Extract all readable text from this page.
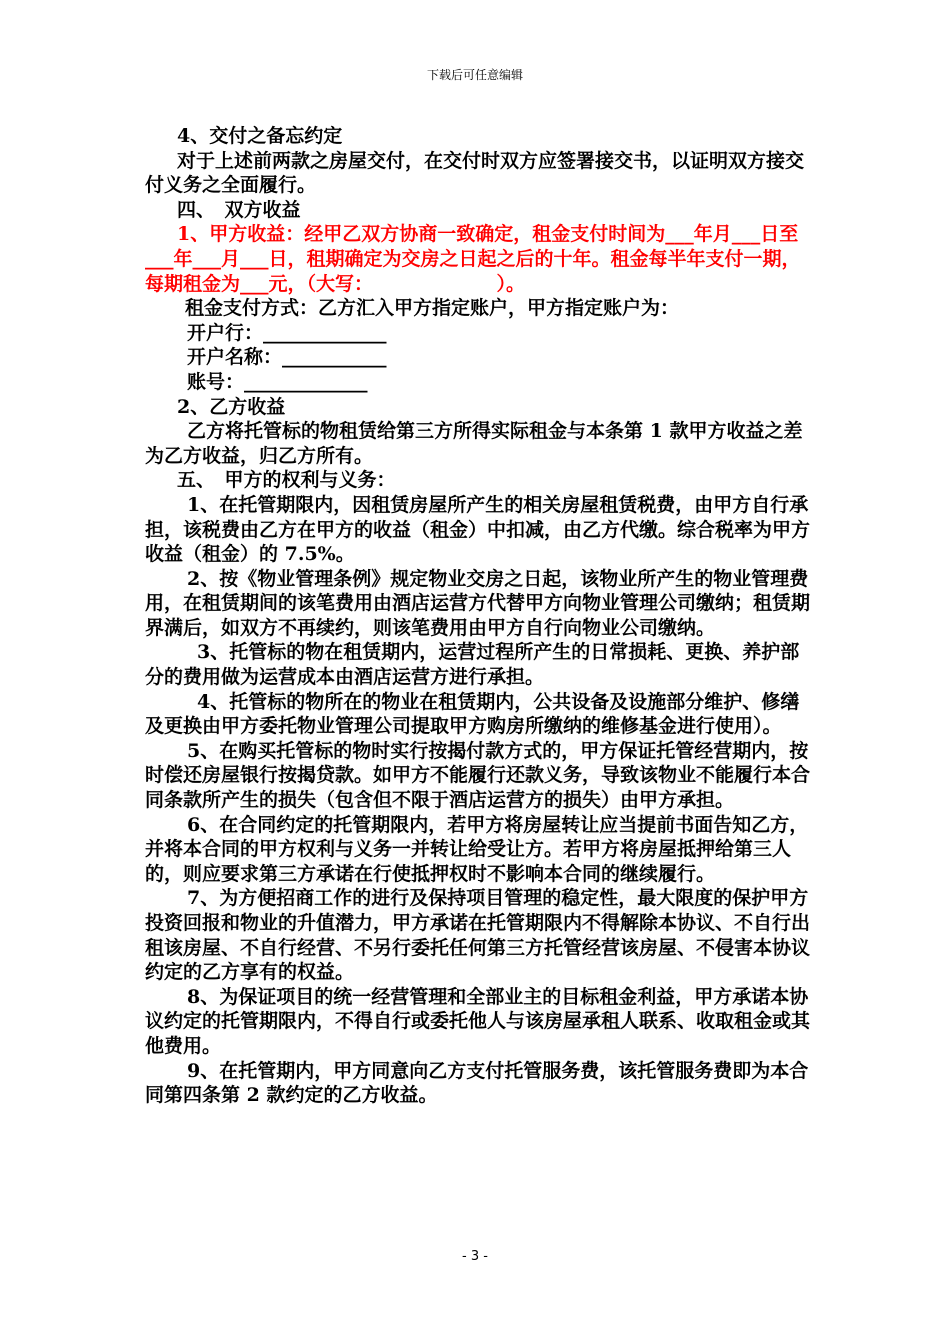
下载后可任意编辑

4、交付之备忘约定

对于上述前两款之房屋交付，在交付时双方应签署接交书，以证明双方接交付义务之全面履行。

四、　双方收益

1、甲方收益：经甲乙双方协商一致确定，租金支付时间为___年月___日至___年___月___日，租期确定为交房之日起之后的十年。租金每半年支付一期，每期租金为___元，（大写：　　　　　　　）。

租金支付方式：乙方汇入甲方指定账户，甲方指定账户为：

开户行：_____________

开户名称：___________

账号：_____________

2、乙方收益

乙方将托管标的物租赁给第三方所得实际租金与本条第 1 款甲方收益之差为乙方收益，归乙方所有。

五、　甲方的权利与义务：

1、在托管期限内，因租赁房屋所产生的相关房屋租赁税费，由甲方自行承担，该税费由乙方在甲方的收益（租金）中扣减，由乙方代缴。综合税率为甲方收益（租金）的 7.5%。

2、按《物业管理条例》规定物业交房之日起，该物业所产生的物业管理费用，在租赁期间的该笔费用由酒店运营方代替甲方向物业管理公司缴纳；租赁期界满后，如双方不再续约，则该笔费用由甲方自行向物业公司缴纳。

3、托管标的物在租赁期内，运营过程所产生的日常损耗、更换、养护部分的费用做为运营成本由酒店运营方进行承担。

4、托管标的物所在的物业在租赁期内，公共设备及设施部分维护、修缮及更换由甲方委托物业管理公司提取甲方购房所缴纳的维修基金进行使用）。

5、在购买托管标的物时实行按揭付款方式的，甲方保证托管经营期内，按时偿还房屋银行按揭贷款。如甲方不能履行还款义务，导致该物业不能履行本合同条款所产生的损失（包含但不限于酒店运营方的损失）由甲方承担。

6、在合同约定的托管期限内，若甲方将房屋转让应当提前书面告知乙方，并将本合同的甲方权利与义务一并转让给受让方。若甲方将房屋抵押给第三人的，则应要求第三方承诺在行使抵押权时不影响本合同的继续履行。

7、为方便招商工作的进行及保持项目管理的稳定性，最大限度的保护甲方投资回报和物业的升值潜力，甲方承诺在托管期限内不得解除本协议、不自行出租该房屋、不自行经营、不另行委托任何第三方托管经营该房屋、不侵害本协议约定的乙方享有的权益。

8、为保证项目的统一经营管理和全部业主的目标租金利益，甲方承诺本协议约定的托管期限内，不得自行或委托他人与该房屋承租人联系、收取租金或其他费用。

9、在托管期内，甲方同意向乙方支付托管服务费，该托管服务费即为本合同第四条第 2 款约定的乙方收益。

- 3 -
